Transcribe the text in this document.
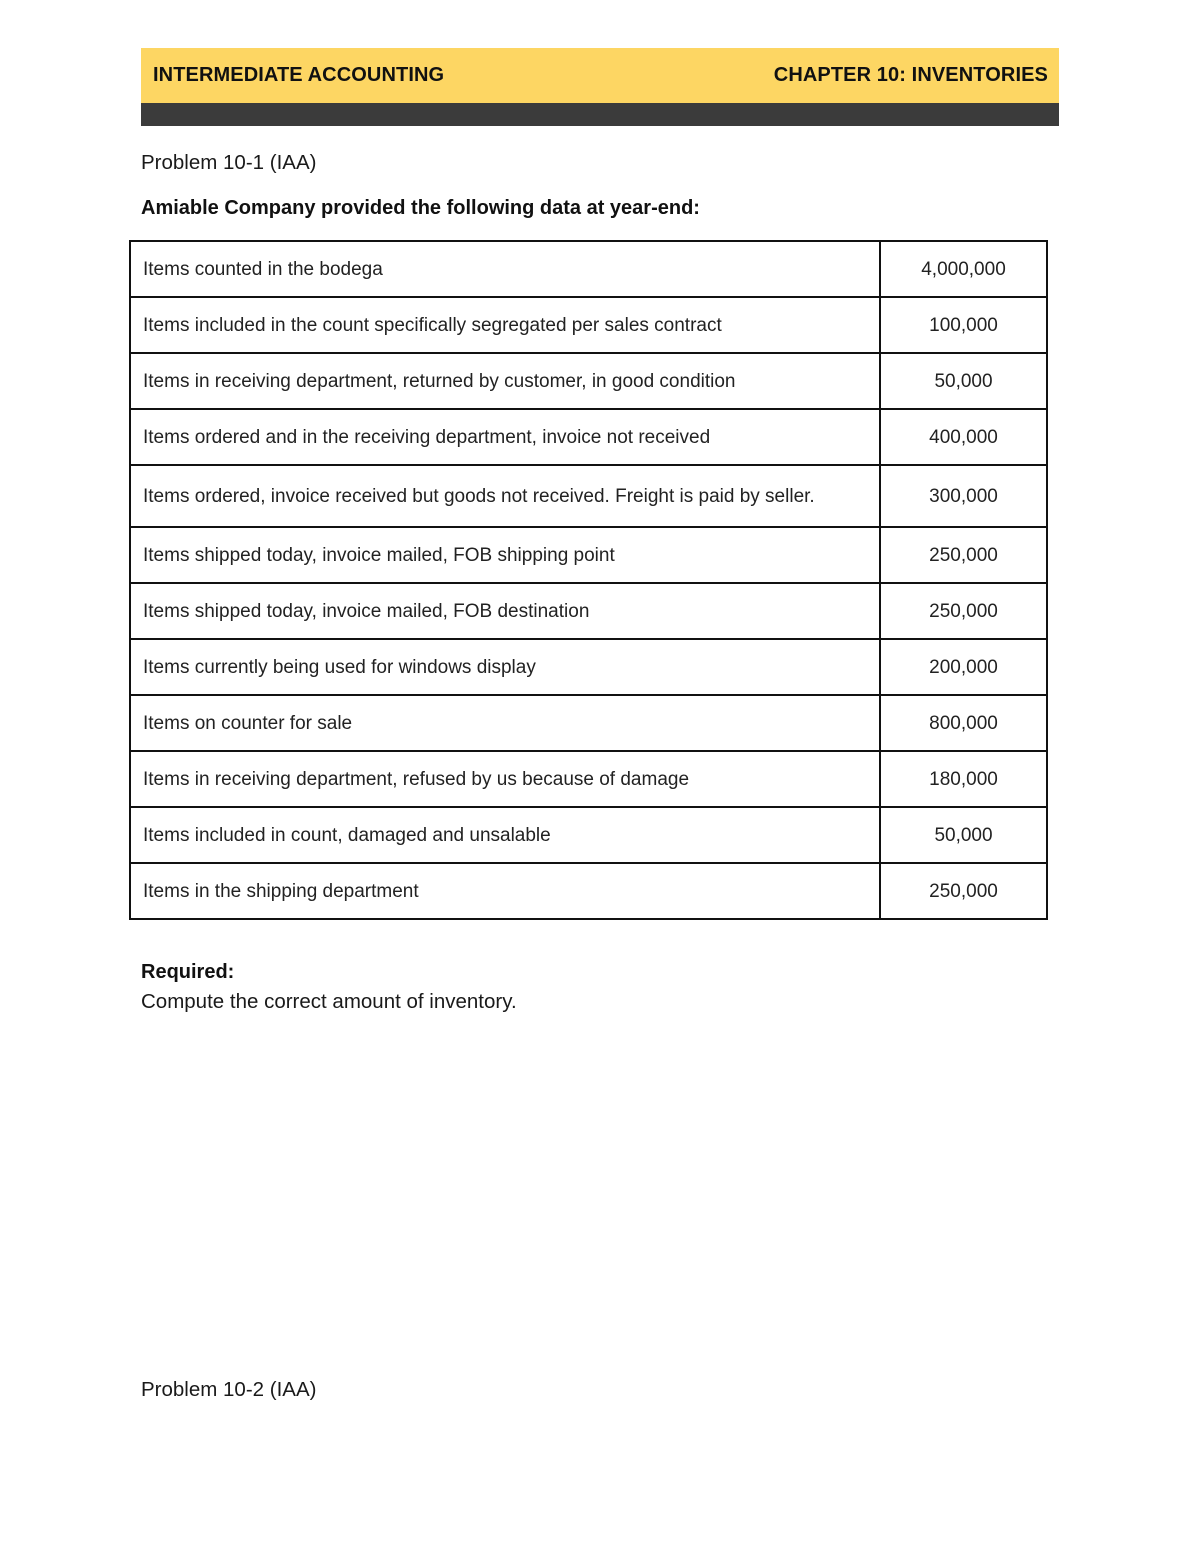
INTERMEDIATE ACCOUNTING	CHAPTER 10: INVENTORIES
Problem 10-1 (IAA)
Amiable Company provided the following data at year-end:
Items counted in the bodega	4,000,000
Items included in the count specifically segregated per sales contract	100,000
Items in receiving department, returned by customer, in good condition	50,000
Items ordered and in the receiving department, invoice not received	400,000
Items ordered, invoice received but goods not received. Freight is paid by seller.	300,000
Items shipped today, invoice mailed, FOB shipping point	250,000
Items shipped today, invoice mailed, FOB destination	250,000
Items currently being used for windows display	200,000
Items on counter for sale	800,000
Items in receiving department, refused by us because of damage	180,000
Items included in count, damaged and unsalable	50,000
Items in the shipping department	250,000
Required:
Compute the correct amount of inventory.
Problem 10-2 (IAA)
